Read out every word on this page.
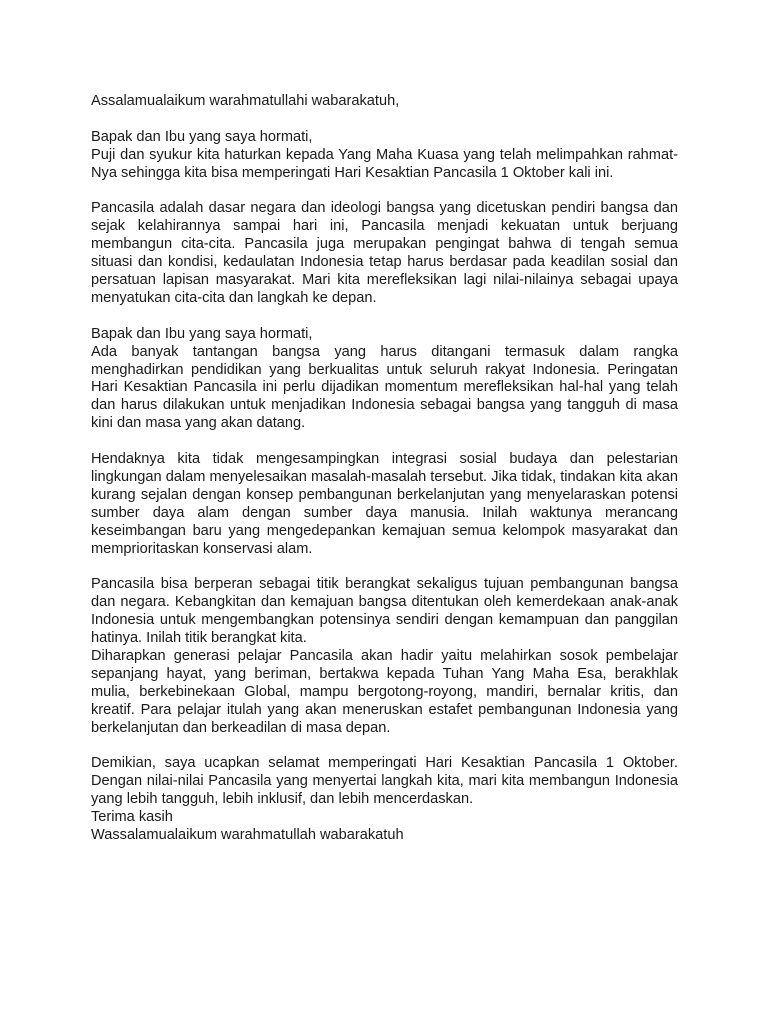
Assalamualaikum warahmatullahi wabarakatuh,
Bapak dan Ibu yang saya hormati,
Puji dan syukur kita haturkan kepada Yang Maha Kuasa yang telah melimpahkan rahmat-Nya sehingga kita bisa memperingati Hari Kesaktian Pancasila 1 Oktober kali ini.
Pancasila adalah dasar negara dan ideologi bangsa yang dicetuskan pendiri bangsa dan sejak kelahirannya sampai hari ini, Pancasila menjadi kekuatan untuk berjuang membangun cita-cita. Pancasila juga merupakan pengingat bahwa di tengah semua situasi dan kondisi, kedaulatan Indonesia tetap harus berdasar pada keadilan sosial dan persatuan lapisan masyarakat. Mari kita merefleksikan lagi nilai-nilainya sebagai upaya menyatukan cita-cita dan langkah ke depan.
Bapak dan Ibu yang saya hormati,
Ada banyak tantangan bangsa yang harus ditangani termasuk dalam rangka menghadirkan pendidikan yang berkualitas untuk seluruh rakyat Indonesia. Peringatan Hari Kesaktian Pancasila ini perlu dijadikan momentum merefleksikan hal-hal yang telah dan harus dilakukan untuk menjadikan Indonesia sebagai bangsa yang tangguh di masa kini dan masa yang akan datang.
Hendaknya kita tidak mengesampingkan integrasi sosial budaya dan pelestarian lingkungan dalam menyelesaikan masalah-masalah tersebut. Jika tidak, tindakan kita akan kurang sejalan dengan konsep pembangunan berkelanjutan yang menyelaraskan potensi sumber daya alam dengan sumber daya manusia. Inilah waktunya merancang keseimbangan baru yang mengedepankan kemajuan semua kelompok masyarakat dan memprioritaskan konservasi alam.
Pancasila bisa berperan sebagai titik berangkat sekaligus tujuan pembangunan bangsa dan negara. Kebangkitan dan kemajuan bangsa ditentukan oleh kemerdekaan anak-anak Indonesia untuk mengembangkan potensinya sendiri dengan kemampuan dan panggilan hatinya. Inilah titik berangkat kita.
Diharapkan generasi pelajar Pancasila akan hadir yaitu melahirkan sosok pembelajar sepanjang hayat, yang beriman, bertakwa kepada Tuhan Yang Maha Esa, berakhlak mulia, berkebinekaan Global, mampu bergotong-royong, mandiri, bernalar kritis, dan kreatif. Para pelajar itulah yang akan meneruskan estafet pembangunan Indonesia yang berkelanjutan dan berkeadilan di masa depan.
Demikian, saya ucapkan selamat memperingati Hari Kesaktian Pancasila 1 Oktober. Dengan nilai-nilai Pancasila yang menyertai langkah kita, mari kita membangun Indonesia yang lebih tangguh, lebih inklusif, dan lebih mencerdaskan.
Terima kasih
Wassalamualaikum warahmatullah wabarakatuh
